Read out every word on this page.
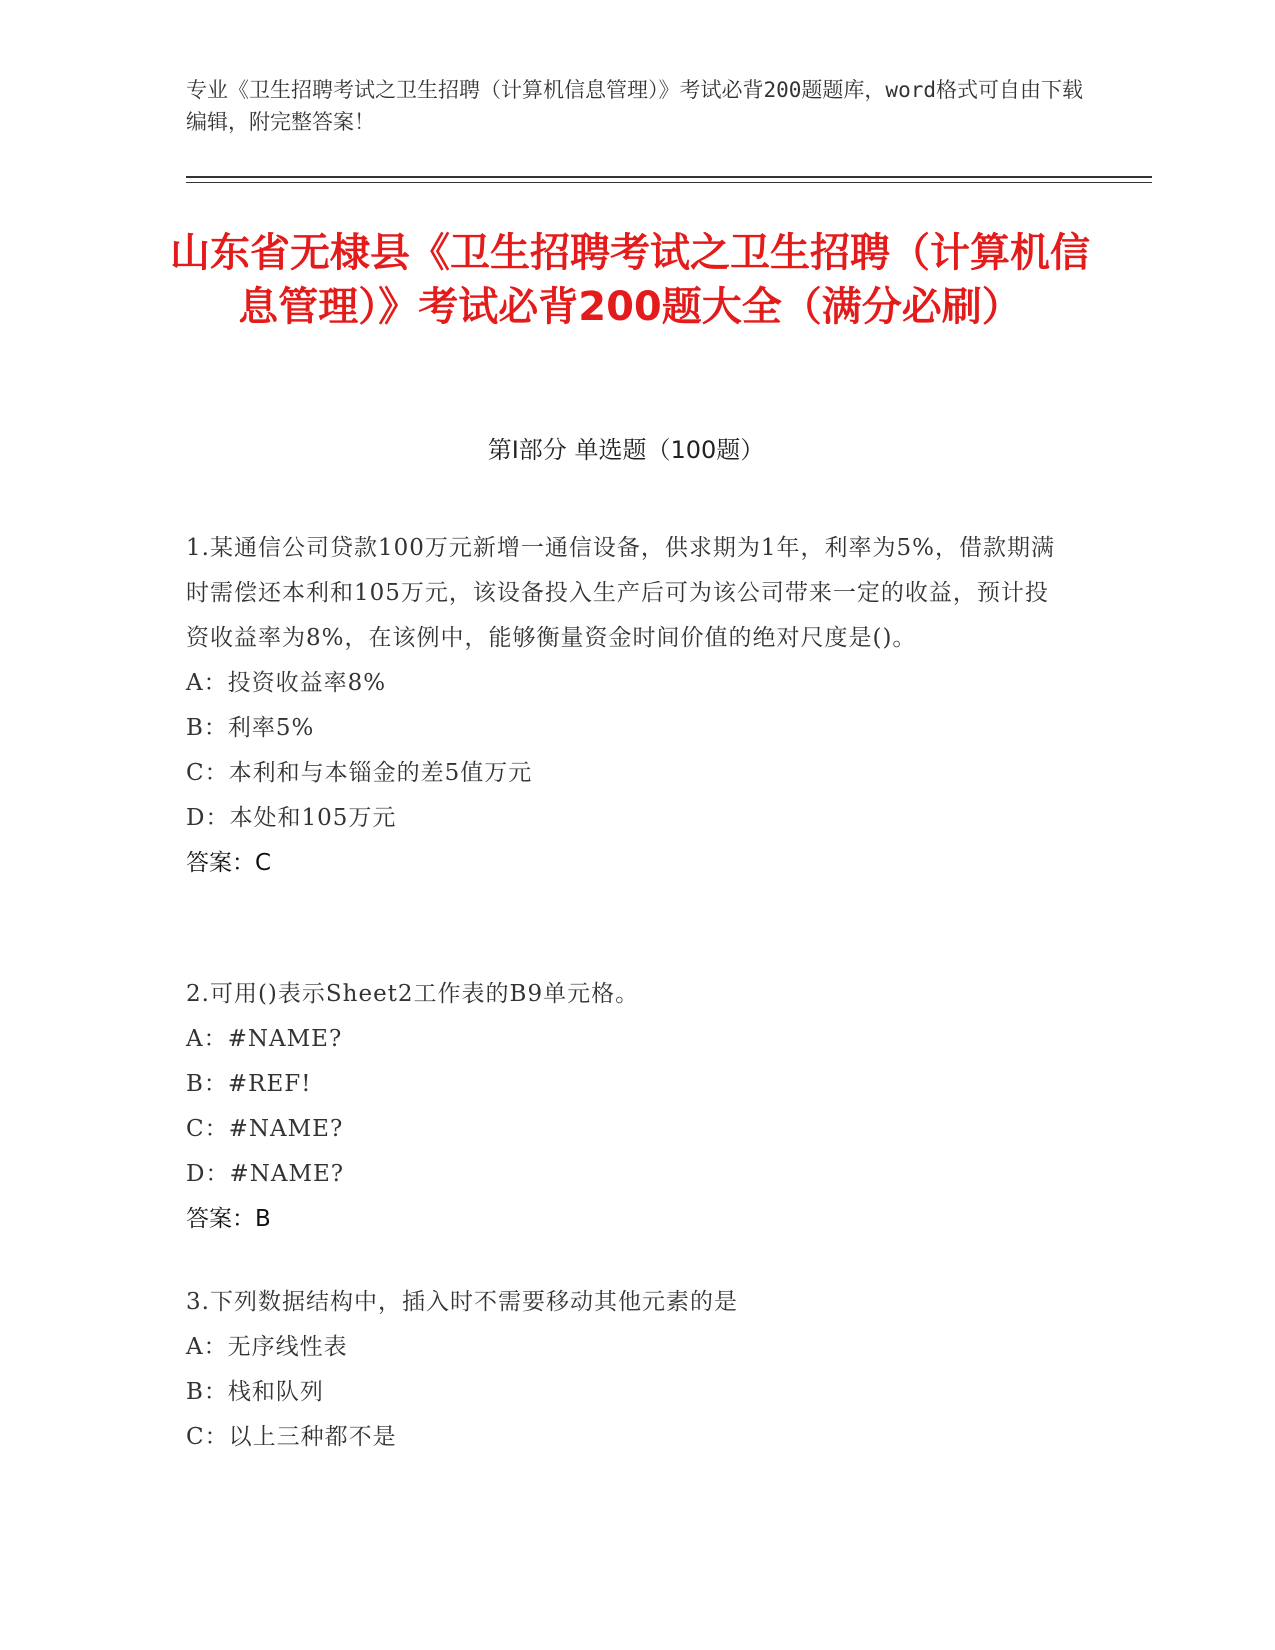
专业《卫生招聘考试之卫生招聘（计算机信息管理）》考试必背200题题库，word格式可自由下载编辑，附完整答案！
山东省无棣县《卫生招聘考试之卫生招聘（计算机信息管理）》考试必背200题大全（满分必刷）
第I部分 单选题（100题）
1.某通信公司贷款100万元新增一通信设备，供求期为1年，利率为5%，借款期满时需偿还本利和105万元，该设备投入生产后可为该公司带来一定的收益，预计投资收益率为8%，在该例中，能够衡量资金时间价值的绝对尺度是()。
A：投资收益率8%
B：利率5%
C：本利和与本锱金的差5值万元
D：本处和105万元
答案：C
2.可用()表示Sheet2工作表的B9单元格。
A：#NAME?
B：#REF!
C：#NAME?
D：#NAME?
答案：B
3.下列数据结构中，插入时不需要移动其他元素的是
A：无序线性表
B：栈和队列
C：以上三种都不是
